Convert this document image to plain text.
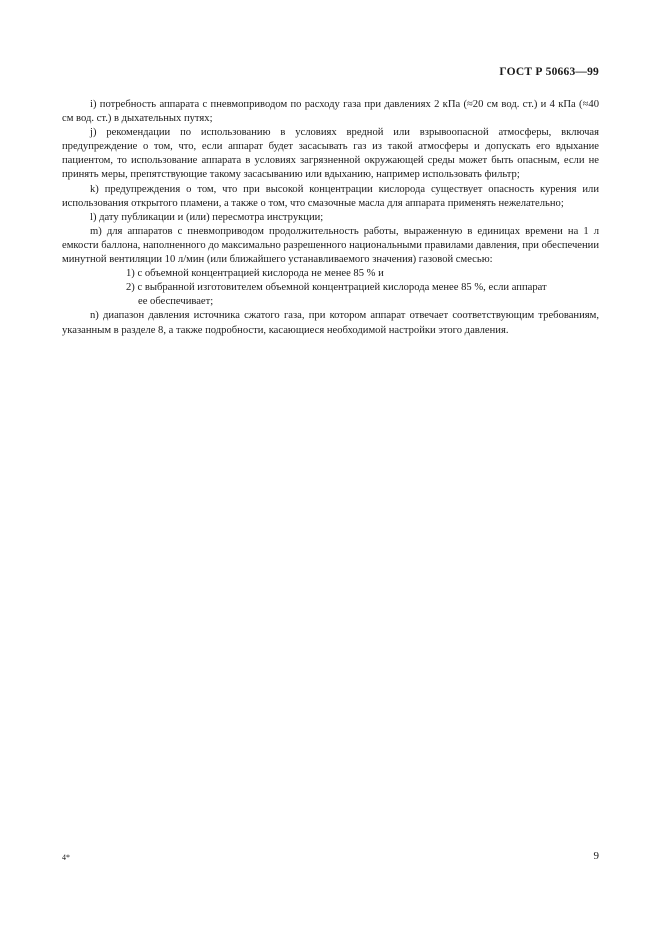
ГОСТ Р 50663—99

i) потребность аппарата с пневмоприводом по расходу газа при давлениях 2 кПа (≈20 см вод. ст.) и 4 кПа (≈40 см вод. ст.) в дыхательных путях;

j) рекомендации по использованию в условиях вредной или взрывоопасной атмосферы, включая предупреждение о том, что, если аппарат будет засасывать газ из такой атмосферы и допускать его вдыхание пациентом, то использование аппарата в условиях загрязненной окружающей среды может быть опасным, если не принять меры, препятствующие такому засасыванию или вдыханию, например использовать фильтр;

k) предупреждения о том, что при высокой концентрации кислорода существует опасность курения или использования открытого пламени, а также о том, что смазочные масла для аппарата применять нежелательно;

l) дату публикации и (или) пересмотра инструкции;

m) для аппаратов с пневмоприводом продолжительность работы, выраженную в единицах времени на 1 л емкости баллона, наполненного до максимально разрешенного национальными правилами давления, при обеспечении минутной вентиляции 10 л/мин (или ближайшего устанавливаемого значения) газовой смесью:

1) с объемной концентрацией кислорода не менее 85 % и

2) с выбранной изготовителем объемной концентрацией кислорода менее 85 %, если аппарат

ее обеспечивает;

n) диапазон давления источника сжатого газа, при котором аппарат отвечает соответствующим требованиям, указанным в разделе 8, а также подробности, касающиеся необходимой настройки этого давления.

4*	9
